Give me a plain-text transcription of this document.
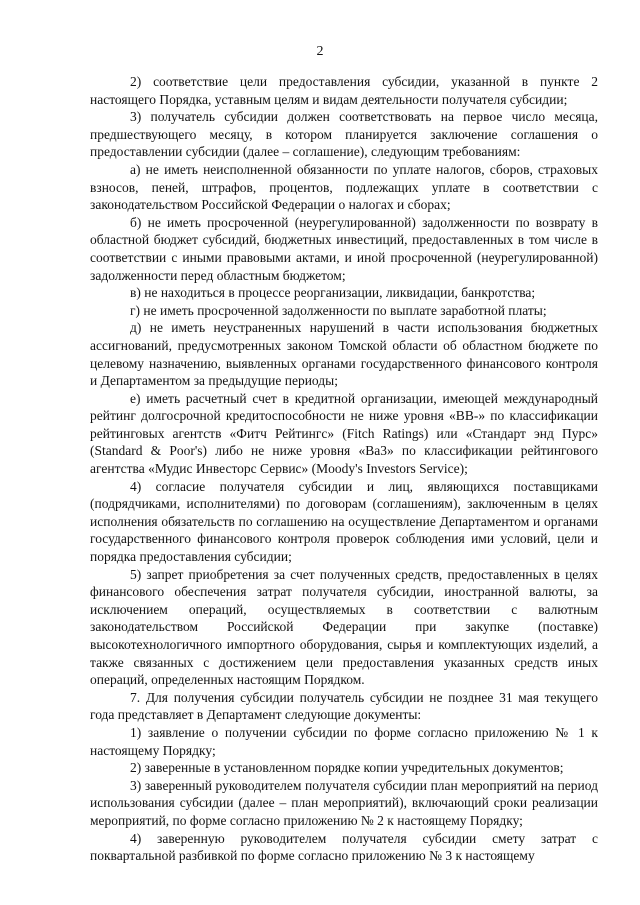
2

2) соответствие цели предоставления субсидии, указанной в пункте 2 настоящего Порядка, уставным целям и видам деятельности получателя субсидии;

3) получатель субсидии должен соответствовать на первое число месяца, предшествующего месяцу, в котором планируется заключение соглашения о предоставлении субсидии (далее – соглашение), следующим требованиям:

а) не иметь неисполненной обязанности по уплате налогов, сборов, страховых взносов, пеней, штрафов, процентов, подлежащих уплате в соответствии с законодательством Российской Федерации о налогах и сборах;

б) не иметь просроченной (неурегулированной) задолженности по возврату в областной бюджет субсидий, бюджетных инвестиций, предоставленных в том числе в соответствии с иными правовыми актами, и иной просроченной (неурегулированной) задолженности перед областным бюджетом;

в) не находиться в процессе реорганизации, ликвидации, банкротства;

г) не иметь просроченной задолженности по выплате заработной платы;

д) не иметь неустраненных нарушений в части использования бюджетных ассигнований, предусмотренных законом Томской области об областном бюджете по целевому назначению, выявленных органами государственного финансового контроля и Департаментом за предыдущие периоды;

е) иметь расчетный счет в кредитной организации, имеющей международный рейтинг долгосрочной кредитоспособности не ниже уровня «BB-» по классификации рейтинговых агентств «Фитч Рейтингс» (Fitch Ratings) или «Стандарт энд Пурс» (Standard & Poor's) либо не ниже уровня «Ba3» по классификации рейтингового агентства «Мудис Инвесторс Сервис» (Moody's Investors Service);

4) согласие получателя субсидии и лиц, являющихся поставщиками (подрядчиками, исполнителями) по договорам (соглашениям), заключенным в целях исполнения обязательств по соглашению на осуществление Департаментом и органами государственного финансового контроля проверок соблюдения ими условий, цели и порядка предоставления субсидии;

5) запрет приобретения за счет полученных средств, предоставленных в целях финансового обеспечения затрат получателя субсидии, иностранной валюты, за исключением операций, осуществляемых в соответствии с валютным законодательством Российской Федерации при закупке (поставке) высокотехнологичного импортного оборудования, сырья и комплектующих изделий, а также связанных с достижением цели предоставления указанных средств иных операций, определенных настоящим Порядком.

7. Для получения субсидии получатель субсидии не позднее 31 мая текущего года представляет в Департамент следующие документы:

1) заявление о получении субсидии по форме согласно приложению № 1 к настоящему Порядку;

2) заверенные в установленном порядке копии учредительных документов;

3) заверенный руководителем получателя субсидии план мероприятий на период использования субсидии (далее – план мероприятий), включающий сроки реализации мероприятий, по форме согласно приложению № 2 к настоящему Порядку;

4) заверенную руководителем получателя субсидии смету затрат с поквартальной разбивкой по форме согласно приложению № 3 к настоящему
